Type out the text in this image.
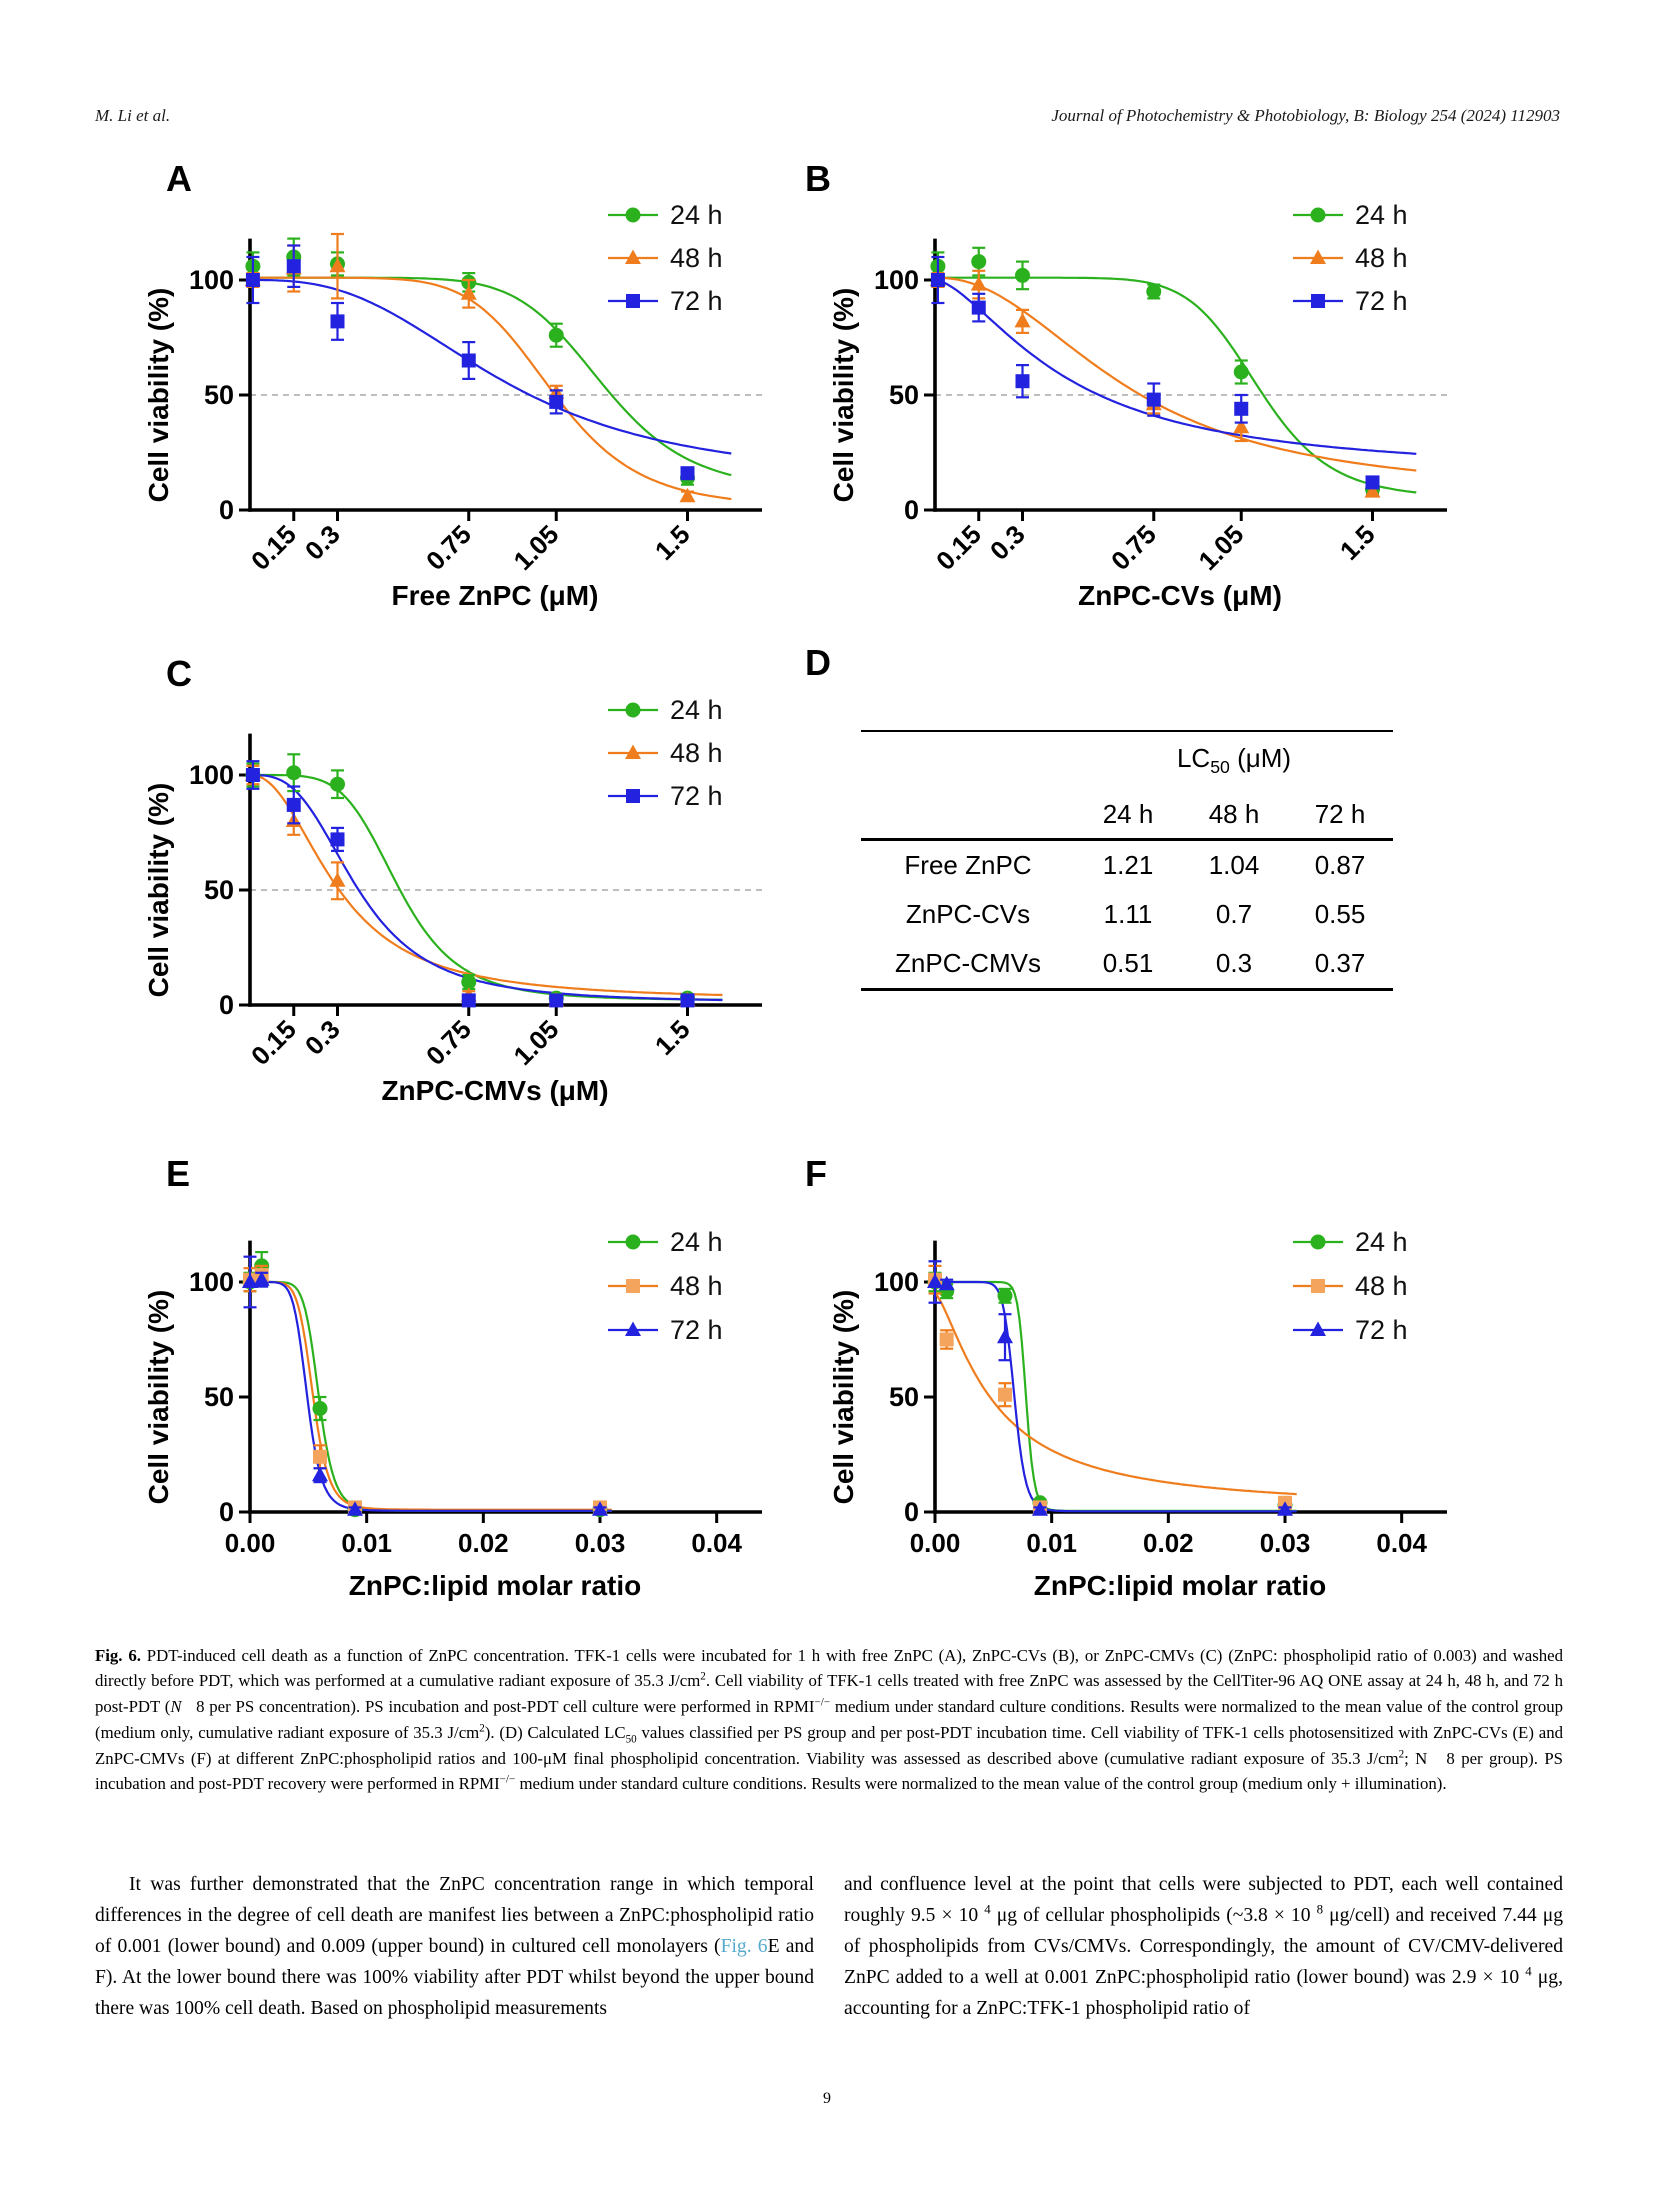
M. Li et al.	Journal of Photochemistry & Photobiology, B: Biology 254 (2024) 112903
0
50
100
0.15
0.3	0.75 1.05	1.5
24 h
48 h
72 h
Free ZnPC (μM)
Cell viability (%)
A
0
50
100
0.15
0.3	0.75 1.05	1.5
24 h
48 h
72 h
ZnPC-CVs (μM)
Cell viability (%)
B
0
50
100
0.15
0.3	0.75 1.05	1.5
24 h
48 h
72 h
ZnPC-CMVs (μM)
Cell viability (%)
C
0
50
100
0.00	0.01	0.02	0.03	0.04
24 h
48 h
72 h
ZnPC:lipid molar ratio
Cell viability (%)
E
0
50
100
0.00	0.01	0.02	0.03	0.04
24 h
48 h
72 h
ZnPC:lipid molar ratio
Cell viability (%)
F
D
	$LC_{50}$ (μM)		
	24 h	48 h	72 h
Free ZnPC	1.21	1.04	0.87
ZnPC-CVs	1.11	0.7	0.55
ZnPC-CMVs	0.51	0.3	0.37

Fig. 6. PDT-induced cell death as a function of ZnPC concentration. TFK-1 cells were incubated for 1 h with free ZnPC (A), ZnPC-CVs (B), or ZnPC-CMVs (C) (ZnPC: phospholipid ratio of 0.003) and washed directly before PDT, which was performed at a cumulative radiant exposure of 35.3 $J/cm^2$. Cell viability of TFK-1 cells treated with free ZnPC was assessed by the CellTiter-96 AQ ONE assay at 24 h, 48 h, and 72 h post-PDT (N   8 per PS concentration). PS incubation and post-PDT cell culture were performed in RPMI−/− medium under standard culture conditions. Results were normalized to the mean value of the control group (medium only, cumulative radiant exposure of 35.3 $J/cm^2$). (D) Calculated $LC_{50}$ values classified per PS group and per post-PDT incubation time. Cell viability of TFK-1 cells photosensitized with ZnPC-CVs (E) and ZnPC-CMVs (F) at different ZnPC:phospholipid ratios and 100-μM final phospholipid concentration. Viability was assessed as described above (cumulative radiant exposure of 35.3 $J/cm^2$; N   8 per group). PS incubation and post-PDT recovery were performed in RPMI−/− medium under standard culture conditions. Results were normalized to the mean value of the control group (medium only + illumination).

It was further demonstrated that the ZnPC concentration range in which temporal differences in the degree of cell death are manifest lies between a ZnPC:phospholipid ratio of 0.001 (lower bound) and 0.009 (upper bound) in cultured cell monolayers (Fig. 6E and F). At the lower bound there was 100% viability after PDT whilst beyond the upper bound there was 100% cell death. Based on phospholipid measurements

and confluence level at the point that cells were subjected to PDT, each well contained roughly 9.5 × 10 $^4$ μg of cellular phospholipids (~3.8 × 10 $^8$ μg/cell) and received 7.44 μg of phospholipids from CVs/CMVs. Correspondingly, the amount of CV/CMV-delivered ZnPC added to a well at 0.001 ZnPC:phospholipid ratio (lower bound) was 2.9 × 10 $^4$ μg, accounting for a ZnPC:TFK-1 phospholipid ratio of

9
